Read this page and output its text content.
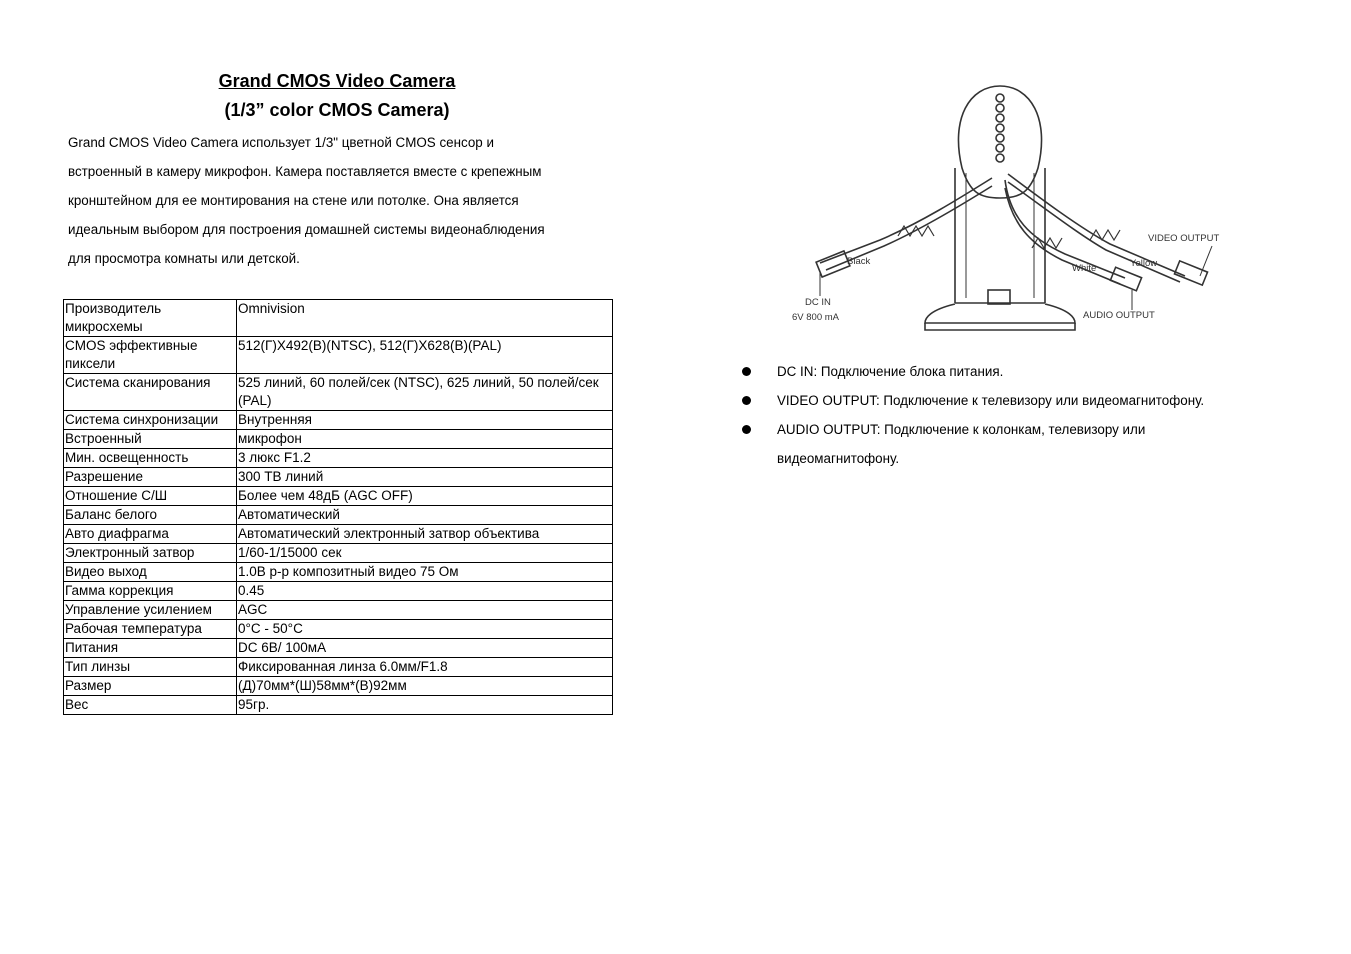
Grand CMOS Video Camera
(1/3” color CMOS Camera)
Grand CMOS Video Camera использует 1/3" цветной CMOS сенсор и
встроенный в камеру микрофон. Камера поставляется вместе с крепежным
кронштейном для ее монтирования на стене или потолке. Она является
идеальным выбором для построения домашней системы видеонаблюдения
для просмотра комнаты или детской.
Производитель микросхемы	Omnivision
CMOS эффективные пиксели	512(Г)X492(В)(NTSC), 512(Г)X628(В)(PAL)
Система сканирования	525 линий, 60 полей/сек (NTSC), 625 линий, 50 полей/сек (PAL)
Система синхронизации	Внутренняя
Встроенный	микрофон
Мин. освещенность	3 люкс F1.2
Разрешение	300 ТВ линий
Отношение С/Ш	Более чем 48дБ (AGC OFF)
Баланс белого	Автоматический
Авто диафрагма	Автоматический электронный затвор объектива
Электронный затвор	1/60-1/15000 сек
Видео выход	1.0В р-р композитный видео 75 Ом
Гамма коррекция	0.45
Управление усилением	AGC
Рабочая температура	0°C - 50°C
Питания	DC 6В/ 100мА
Тип линзы	Фиксированная линза 6.0мм/F1.8
Размер	(Д)70мм*(Ш)58мм*(В)92мм
Вес	95гр.
Black
White	Yellow
VIDEO OUTPUT
AUDIO OUTPUT
DC IN
6V 800 mA
DC IN: Подключение блока питания.
VIDEO OUTPUT: Подключение к телевизору или видеомагнитофону.
AUDIO OUTPUT: Подключение к колонкам, телевизору или
видеомагнитофону.
